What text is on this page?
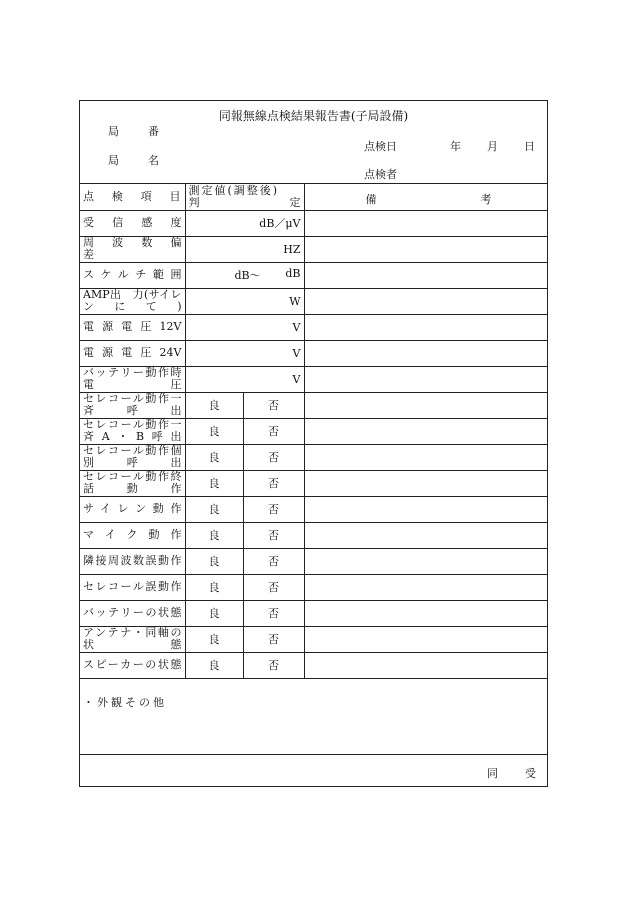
同報無線点検結果報告書(子局設備)
局　番
局　名
点検日	年 月 日
点検者
点　検　項　目	測定値(調整後)
判 定		備 考

受　信　感　度	dB／μV		
周　波　数　偏　差	HZ		
スケルチ範囲	dB～ dB		

AMP出　力(サイレンにて)	W		
電源電圧12V	V		
電源電圧24V	V		
バッテリー動作時電圧	V		
セレコール動作一斉呼出	良	否	
セレコール動作一斉A・B呼出	良	否	
セレコール動作個別呼出	良	否	
セレコール動作終話動作	良	否	
サイレン動作	良	否	
マイク動作	良	否	
隣接周波数誤動作	良	否	
セレコール誤動作	良	否	
バッテリーの状態	良	否	
アンテナ・同軸の状態	良	否	
スピーカーの状態	良	否	
・外観その他
同　受
